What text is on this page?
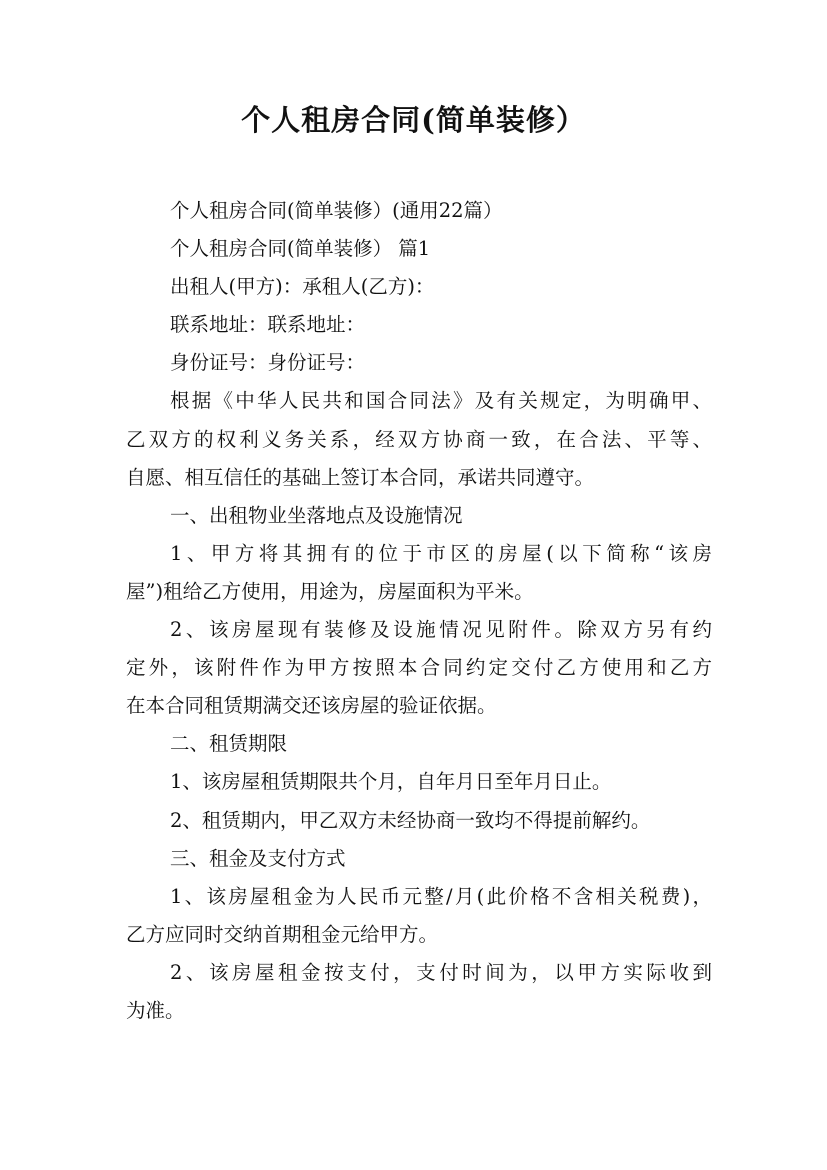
个人租房合同(简单装修）
个人租房合同(简单装修）(通用22篇）
个人租房合同(简单装修） 篇1
出租人(甲方)：承租人(乙方)：
联系地址：联系地址：
身份证号：身份证号：
根据《中华人民共和国合同法》及有关规定，为明确甲、
乙双方的权利义务关系，经双方协商一致，在合法、平等、
自愿、相互信任的基础上签订本合同，承诺共同遵守。
一、出租物业坐落地点及设施情况
1、甲方将其拥有的位于市区的房屋(以下简称“该房
屋”)租给乙方使用，用途为，房屋面积为平米。
2、该房屋现有装修及设施情况见附件。除双方另有约
定外，该附件作为甲方按照本合同约定交付乙方使用和乙方
在本合同租赁期满交还该房屋的验证依据。
二、租赁期限
1、该房屋租赁期限共个月，自年月日至年月日止。
2、租赁期内，甲乙双方未经协商一致均不得提前解约。
三、租金及支付方式
1、该房屋租金为人民币元整/月(此价格不含相关税费)，
乙方应同时交纳首期租金元给甲方。
2、该房屋租金按支付，支付时间为，以甲方实际收到
为准。
